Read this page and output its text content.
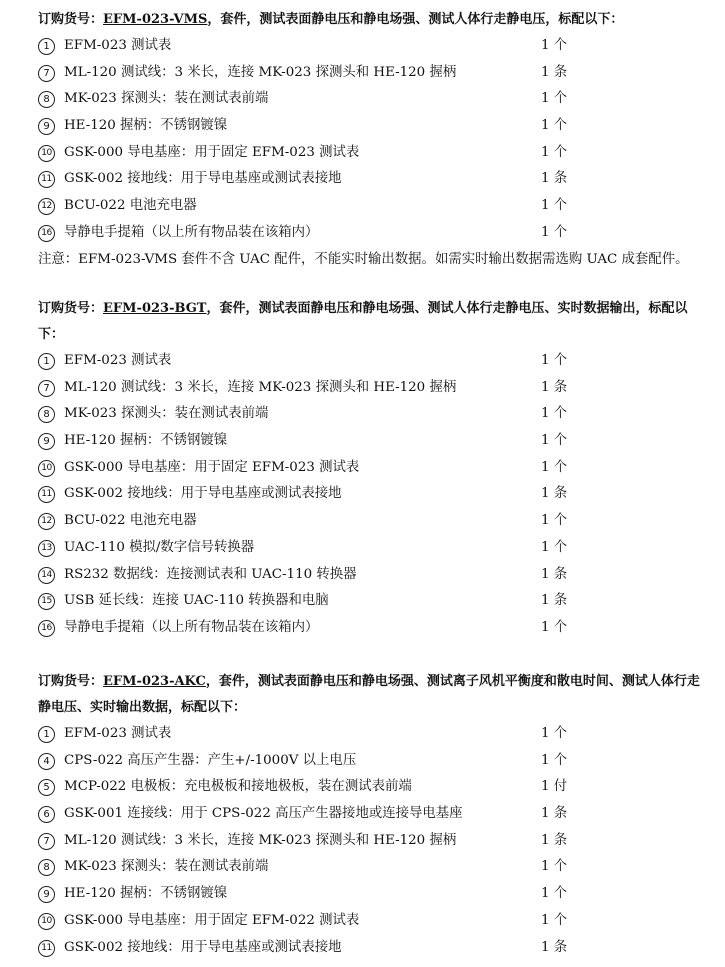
订购货号：EFM-023-VMS，套件，测试表面静电压和静电场强、测试人体行走静电压，标配以下：

1	EFM-023 测试表	1 个
7	ML-120 测试线：3 米长，连接 MK-023 探测头和 HE-120 握柄	1 条
8	MK-023 探测头：装在测试表前端	1 个
9	HE-120 握柄：不锈钢镀镍	1 个
10 GSK-000 导电基座：用于固定 EFM-023 测试表	1 个
11 GSK-002 接地线：用于导电基座或测试表接地	1 条
12 BCU-022 电池充电器	1 个
16 导静电手提箱（以上所有物品装在该箱内）	1 个
注意：EFM-023-VMS 套件不含 UAC 配件，不能实时输出数据。如需实时输出数据需选购 UAC 成套配件。

订购货号：EFM-023-BGT，套件，测试表面静电压和静电场强、测试人体行走静电压、实时数据输出，标配以下：

1	EFM-023 测试表	1 个
7	ML-120 测试线：3 米长，连接 MK-023 探测头和 HE-120 握柄	1 条
8	MK-023 探测头：装在测试表前端	1 个
9	HE-120 握柄：不锈钢镀镍	1 个
10 GSK-000 导电基座：用于固定 EFM-023 测试表	1 个
11 GSK-002 接地线：用于导电基座或测试表接地	1 条
12 BCU-022 电池充电器	1 个
13 UAC-110 模拟/数字信号转换器	1 个
14 RS232 数据线：连接测试表和 UAC-110 转换器	1 条
15 USB 延长线：连接 UAC-110 转换器和电脑	1 条
16 导静电手提箱（以上所有物品装在该箱内）	1 个

订购货号：EFM-023-AKC，套件，测试表面静电压和静电场强、测试离子风机平衡度和散电时间、测试人体行走静电压、实时输出数据，标配以下：

1	EFM-023 测试表	1 个
4	CPS-022 高压产生器：产生+/-1000V 以上电压	1 个
5	MCP-022 电极板：充电极板和接地极板，装在测试表前端	1 付
6	GSK-001 连接线：用于 CPS-022 高压产生器接地或连接导电基座	1 条
7	ML-120 测试线：3 米长，连接 MK-023 探测头和 HE-120 握柄	1 条
8	MK-023 探测头：装在测试表前端	1 个
9	HE-120 握柄：不锈钢镀镍	1 个
10 GSK-000 导电基座：用于固定 EFM-022 测试表	1 个
11 GSK-002 接地线：用于导电基座或测试表接地	1 条
